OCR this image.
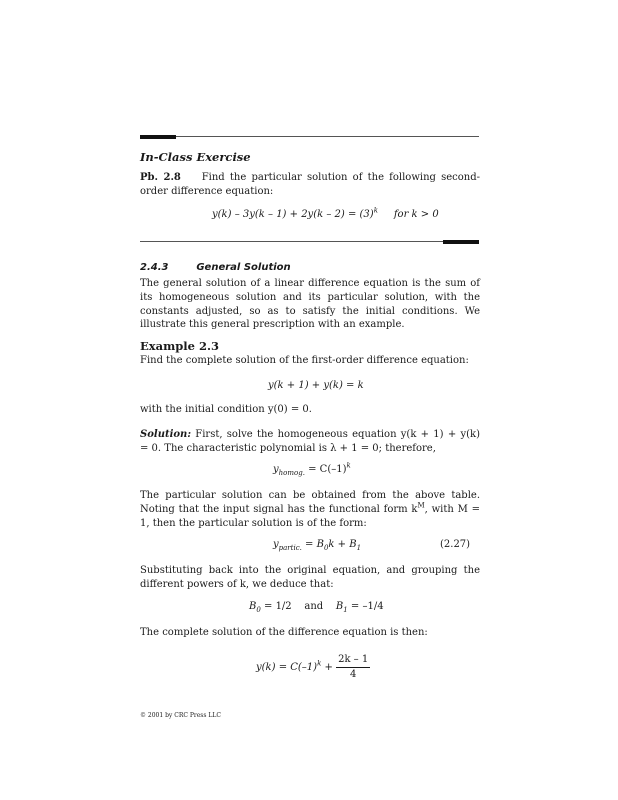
In-Class Exercise
Pb. 2.8 Find the particular solution of the following second-order difference equation:
$y(k) - 3y(k - 1) + 2y(k - 2) = (3)^k$ for k > 0
2.4.3	General Solution
The general solution of a linear difference equation is the sum of its homogeneous solution and its particular solution, with the constants adjusted, so as to satisfy the initial conditions. We illustrate this general prescription with an example.
Example 2.3
Find the complete solution of the first-order difference equation:
y(k + 1) + y(k) = k
with the initial condition y(0) = 0.
Solution: First, solve the homogeneous equation y(k + 1) + y(k) = 0. The characteristic polynomial is λ + 1 = 0; therefore,
$y_{homog.} = C(-1)^k$
The particular solution can be obtained from the above table. Noting that the input signal has the functional form $k^M$, with M = 1, then the particular solution is of the form:
$y_{partic.} = B_0k + B_1$	(2.27)
Substituting back into the original equation, and grouping the different powers of k, we deduce that:
$B_0 = 1/2$ and $B_1 = -1/4$
The complete solution of the difference equation is then:
$y(k) = C(-1)^k + \frac{2k - 1}{4}$
© 2001 by CRC Press LLC
